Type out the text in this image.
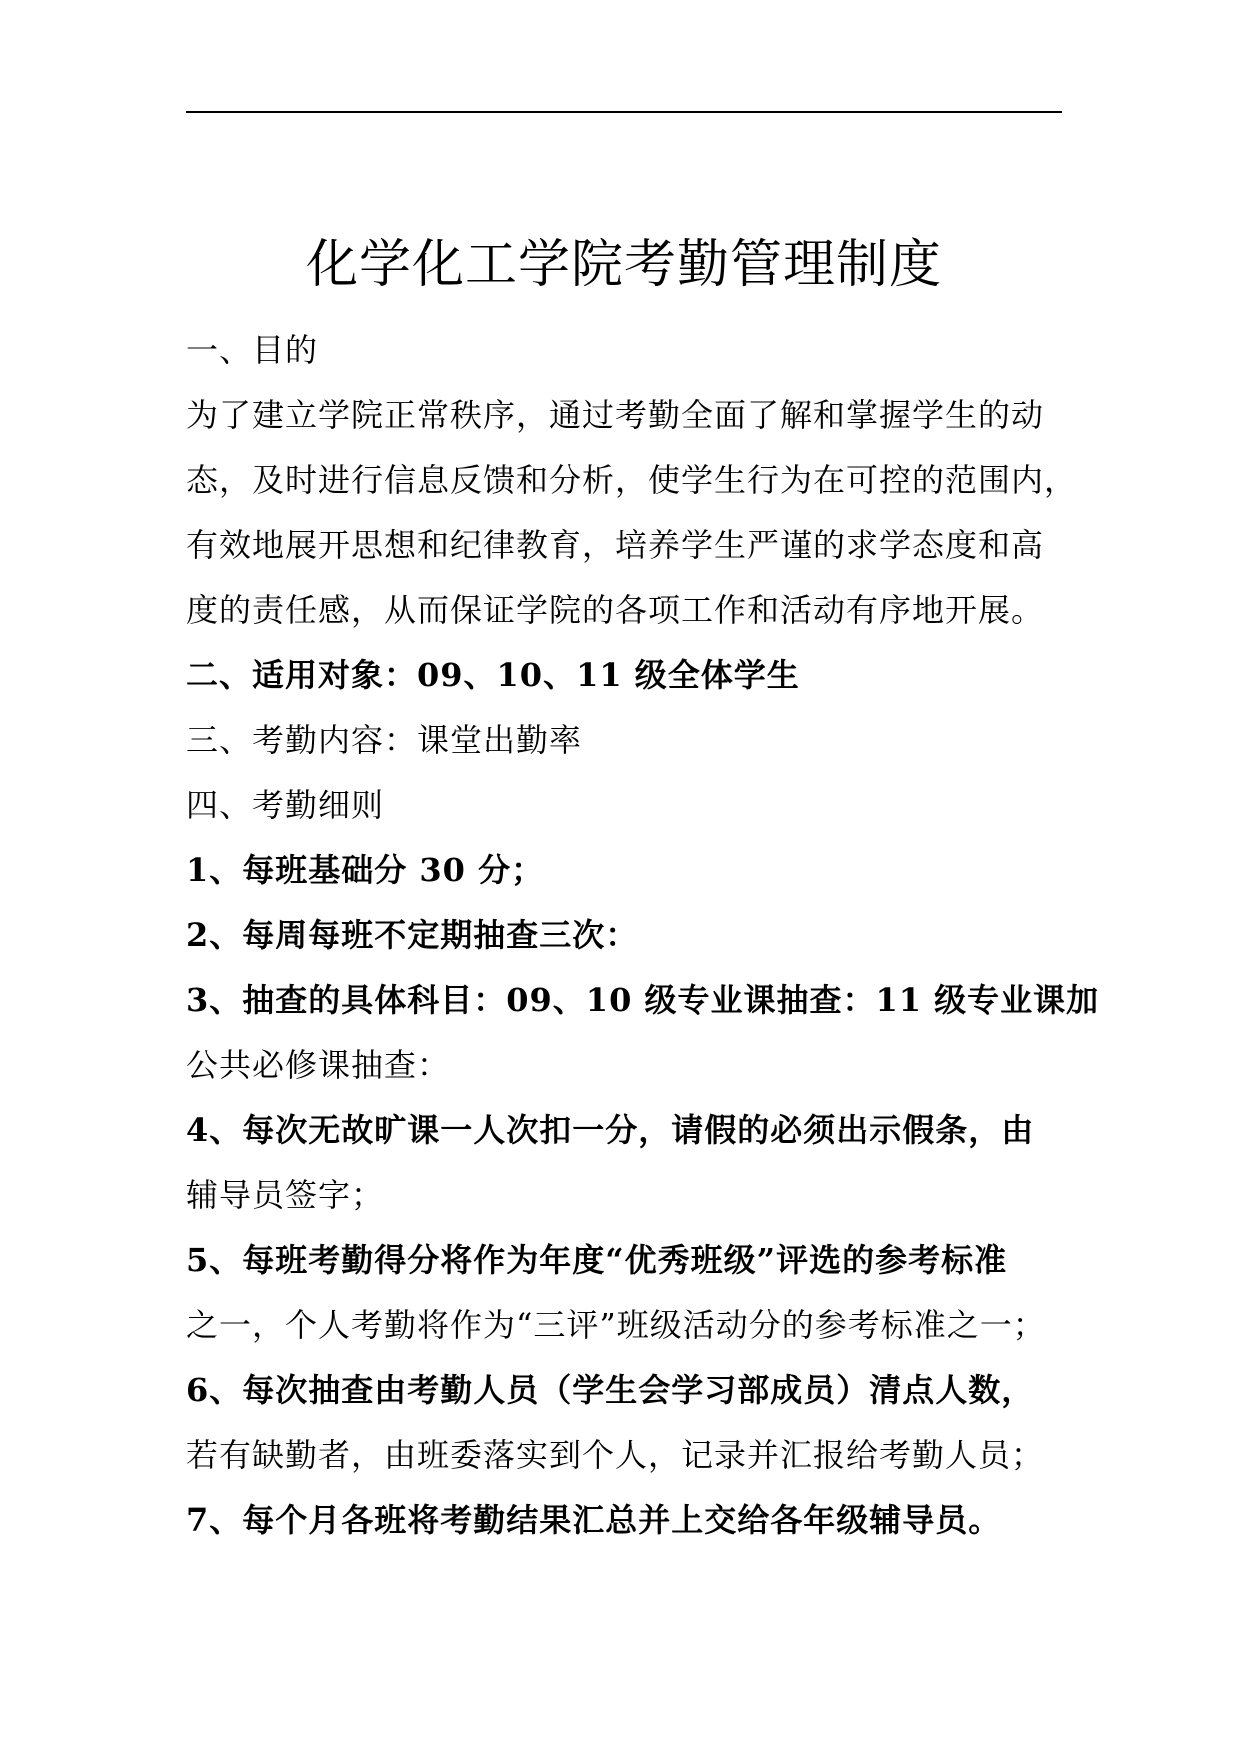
化学化工学院考勤管理制度
一、目的
为了建立学院正常秩序，通过考勤全面了解和掌握学生的动
态，及时进行信息反馈和分析，使学生行为在可控的范围内，
有效地展开思想和纪律教育，培养学生严谨的求学态度和高
度的责任感，从而保证学院的各项工作和活动有序地开展。
二、适用对象：09、10、11 级全体学生
三、考勤内容：课堂出勤率
四、考勤细则
1、每班基础分 30 分；
2、每周每班不定期抽查三次：
3、抽查的具体科目：09、10 级专业课抽查：11 级专业课加
公共必修课抽查：
4、每次无故旷课一人次扣一分，请假的必须出示假条，由
辅导员签字；
5、每班考勤得分将作为年度“优秀班级”评选的参考标准
之一，个人考勤将作为“三评”班级活动分的参考标准之一；
6、每次抽查由考勤人员（学生会学习部成员）清点人数，
若有缺勤者，由班委落实到个人，记录并汇报给考勤人员；
7、每个月各班将考勤结果汇总并上交给各年级辅导员。
